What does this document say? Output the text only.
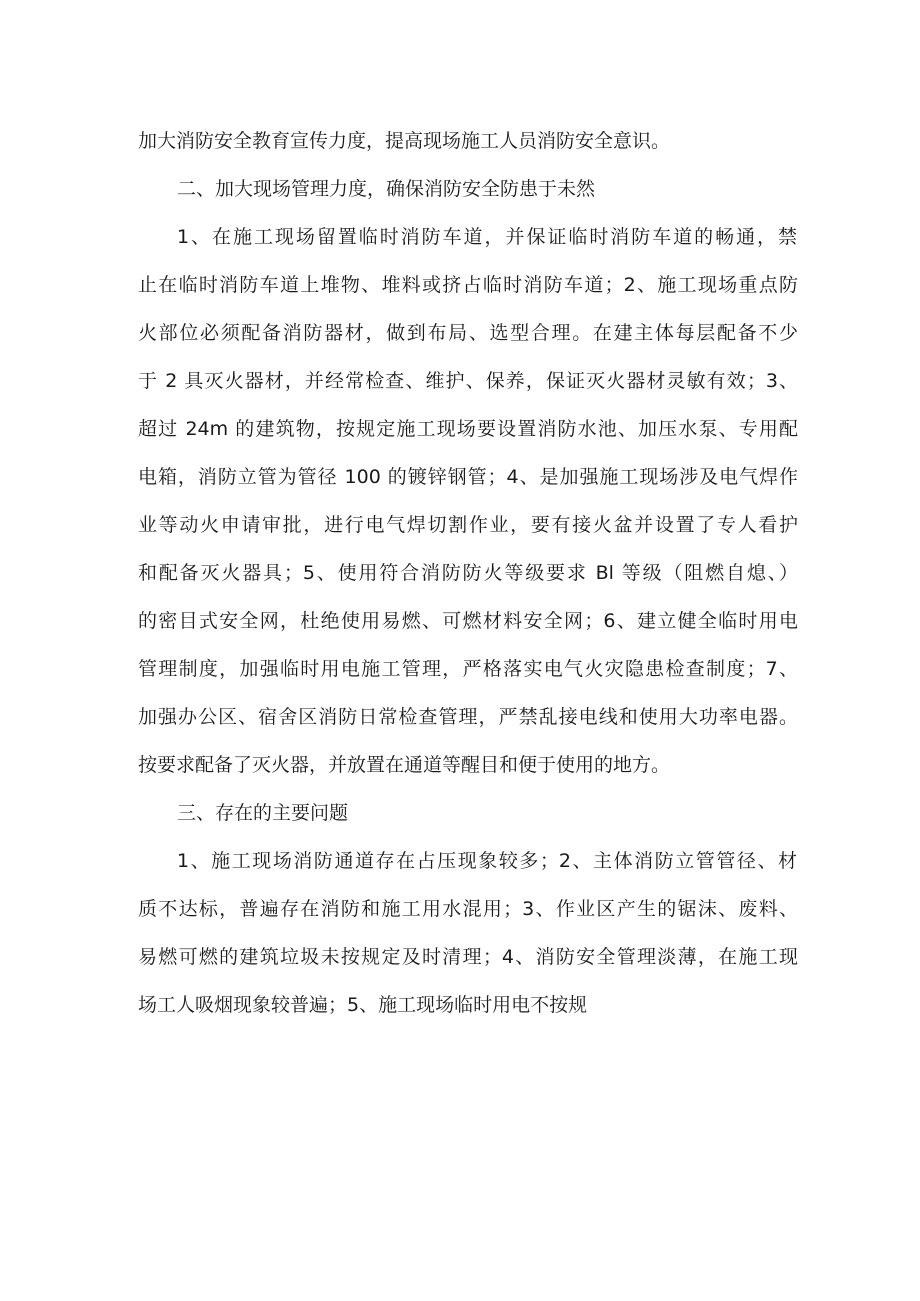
加大消防安全教育宣传力度，提高现场施工人员消防安全意识。
二、加大现场管理力度，确保消防安全防患于未然
1、在施工现场留置临时消防车道，并保证临时消防车道的畅通，禁
止在临时消防车道上堆物、堆料或挤占临时消防车道；2、施工现场重点防
火部位必须配备消防器材，做到布局、选型合理。在建主体每层配备不少
于 2 具灭火器材，并经常检查、维护、保养，保证灭火器材灵敏有效；3、
超过 24m 的建筑物，按规定施工现场要设置消防水池、加压水泵、专用配
电箱，消防立管为管径 100 的镀锌钢管；4、是加强施工现场涉及电气焊作
业等动火申请审批，进行电气焊切割作业，要有接火盆并设置了专人看护
和配备灭火器具；5、使用符合消防防火等级要求 Bl 等级（阻燃自熄、）
的密目式安全网，杜绝使用易燃、可燃材料安全网；6、建立健全临时用电
管理制度，加强临时用电施工管理，严格落实电气火灾隐患检查制度；7、
加强办公区、宿舍区消防日常检查管理，严禁乱接电线和使用大功率电器。
按要求配备了灭火器，并放置在通道等醒目和便于使用的地方。
三、存在的主要问题
1、施工现场消防通道存在占压现象较多；2、主体消防立管管径、材
质不达标，普遍存在消防和施工用水混用；3、作业区产生的锯沫、废料、
易燃可燃的建筑垃圾未按规定及时清理；4、消防安全管理淡薄，在施工现
场工人吸烟现象较普遍；5、施工现场临时用电不按规
